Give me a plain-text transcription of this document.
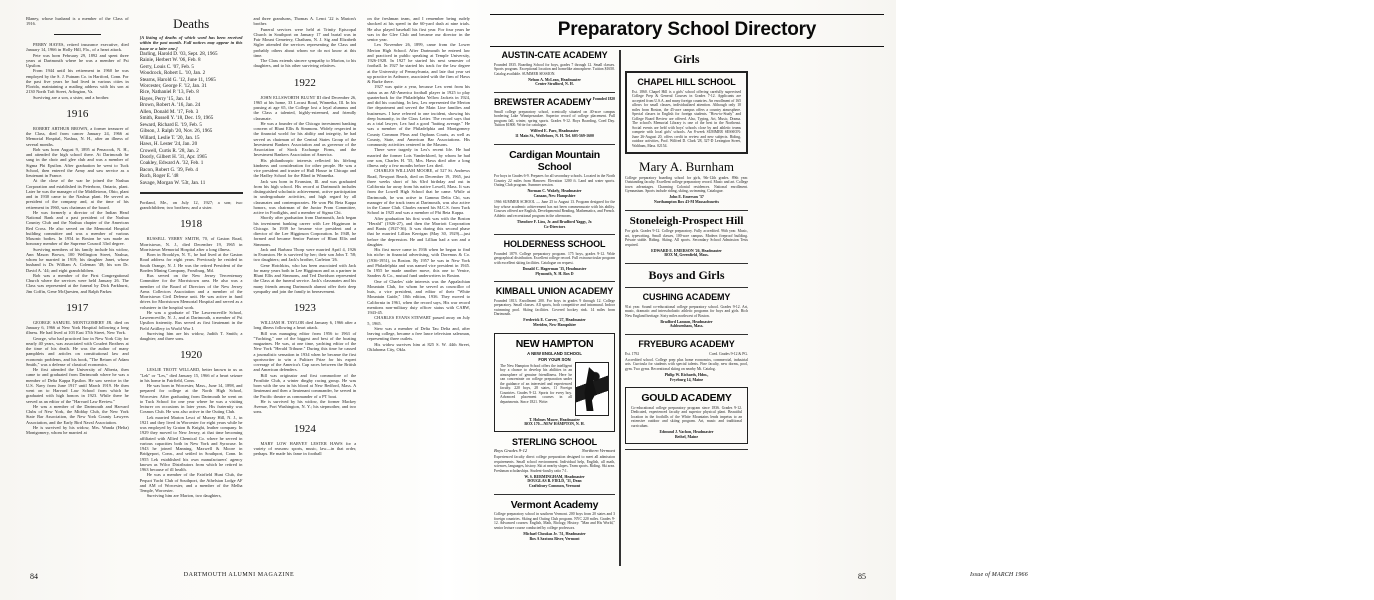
Blaney, whose husband is a member of the Class of 1916.

PERRY HAYES, retired insurance executive, died January 14, 1966 in Holly Hill, Fla., of a heart attack.

Pete was born February 29, 1892 and spent three years at Dartmouth where he was a member of Psi Upsilon.

From 1944 until his retirement in 1960 he was employed by the S. J. Putnam Co. in Hartford, Conn. For the past five years he had lived in various cities in Florida, maintaining a mailing address with his son at 2130 North Taft Street, Arlington, Va.

Surviving are a son, a sister, and a brother.

1916

ROBERT ARTHUR BROWN, a former treasurer of the Class, died from cancer January 24, 1966 at Memorial Hospital, Nashua, N. H., after an illness of several months.

Bob was born August 9, 1895 at Penacook, N. H., and attended the high school there. At Dartmouth he sang in the choir and glee club and was a member of Sigma Phi Epsilon. After graduation he went to Tuck School, then entered the Army and saw service as a lieutenant in France.

At the close of the war he joined the Nashua Corporation and established its Peterboro, Ontario, plant. Later he was the manager of the Middletown, Ohio, plant and in 1930 came to the Nashua plant. He served as president of the company and, at the time of his retirement in 1960, was chairman of the board.

He was formerly a director of the Indian Head National Bank and a past president of the Nashua Country Club and the Nashua chapter of the American Red Cross. He also served on the Memorial Hospital building committee and was a member of various Masonic bodies. In 1954 in Boston he was made an honorary member of the Supreme Council 33rd degree.

Surviving members of his family include his widow, Ann Mason Brown, 100 Wellington Street, Nashua, whom he married in 1919; his daughter Janet, whose husband is Dr. William A. Coleman '48; his son Dr. David A. '44; and eight grandchildren.

Bob was a member of the First Congregational Church where the services were held January 26. The Class was represented at the funeral by Dick Parkhurst, Jim Coffin, Gene McQuesten, and Ralph Parker.

1917

GEORGE SAMUEL MONTGOMERY JR. died on January 6, 1966 at New York Hospital following a long illness. He had lived at 103 East 37th Street, New York.

George, who had practiced law in New York City for nearly 40 years, was associated with Coudert Brothers at the time of his death. He was the author of many pamphlets and articles on constitutional law and economic problems, and his book, "The Return of Adam Smith," was a defense of classical economics.

He first attended the University of Alberta, then came to and graduated from Dartmouth where he was a member of Delta Kappa Epsilon. He saw service in the U.S. Navy from June 1917 until March 1919. He then went on to Harvard Law School from which he graduated with high honors in 1923. While there he served as an editor of the "Harvard Law Review."

He was a member of the Dartmouth and Harvard Clubs of New York, the Midday Club, the New York State Bar Association, the New York County Lawyers Association, and the Early Bird Naval Association.

He is survived by his widow, Mrs. Wanda (Helta) Montgomery, whom he married at

Deaths

[A listing of deaths of which word has been received within the past month. Full notices may appear in this issue or a later one.]

Darling, Harold D. '03, Sept. 28, 1965
Rainie, Herbert W. '06, Feb. 8
Gerry, Louis C. '07, Feb. 5
Woodcock, Robert L. '10, Jan. 2
Stearns, Harold G. '12, June 11, 1965
Worcester, George F. '12, Jan. 31
Rice, Nathaniel P. '13, Feb. 8
Hayes, Perry '15, Jan. 14
Brown, Robert A. '16, Jan. 24
Allen, Donald M. '17, Feb. 3
Smith, Russell Y. '18, Dec. 19, 1965
Seward, Richard E. '19, Feb. 5
Gibson, J. Ralph '20, Nov. 26, 1965
Willard, Leslie T. '20, Jan. 15
Haws, H. Lester '24, Jan. 20
Crowell, Curtis R. '28, Jan. 2
Doorly, Gilbert H. '31, Apr. 1965
Coakley, Edward A. '32, Feb. 1
Bacon, Robert G. '39, Feb. 4
Ruch, Roger E. '48
Savage, Morgan W. '53t, Jan. 11

Portland, Me., on July 12, 1927; a son; two grandchildren; two brothers; and a sister.

1918

RUSSELL YERRY SMITH, 70, of Gaston Road, Morristown, N. J., died December 19, 1965 in Morristown Memorial Hospital after a long illness.

Born in Brooklyn, N. Y., he had lived at the Gaston Road address for eight years. Previously he resided in South Orange, N. J. He was the retired President of the Borden Mining Company, Frostburg, Md.

Rus served on the New Jersey Tercentenary Committee for the Morristown area. He also was a member of the Board of Directors of the New Jersey Arms Collectors Association and a member of the Morristown Civil Defense unit. He was active in fund drives for Morristown Memorial Hospital and served as a volunteer in the hospital work.

He was a graduate of The Lawrenceville School, Lawrenceville, N. J., and at Dartmouth, a member of Psi Upsilon fraternity. Rus served as first lieutenant in the Field Artillery in World War I.

Surviving him are his widow, Judith T. Smith; a daughter; and three sons.

1920

LESLIE TROTT WILLARD, better known to us as "Lek" or "Les," died January 15, 1966 of a heart seizure in his home in Fairfield, Conn.

He was born in Worcester, Mass., June 14, 1898, and prepared for college at the North High School, Worcester. After graduating from Dartmouth he went on to Tuck School for one year where he was a visiting lecturer on occasions in later years. His fraternity was Cosmos Club. He was also active in the Outing Club.

Lek married Marion Lesci of Murray Hill, N. J., in 1921 and they lived in Worcester for eight years while he was employed by Graton & Knight, leather company. In 1929 they moved to New Jersey, at that time becoming affiliated with Allied Chemical Co. where he served in various capacities both in New York and Syracuse. In 1943 he joined Manning, Maxwell & Moore in Bridgeport, Conn., and settled in Southport, Conn. In 1955 Lek established his own manufacturers' agency known as Wilco Distributors from which he retired in 1963 because of ill health.

He was a member of the Fairfield Hunt Club, the Pequot Yacht Club of Southport, the Athelstan Lodge AF and AM of Worcester, and a member of the Melha Temple, Worcester.

Surviving him are Marion, two daughters,

and three grandsons, Thomas A. Lenci '22 is Marion's brother.

Funeral services were held at Trinity Episcopal Church in Southport on January 17 and burial was in Fair Mount Cemetery, Chatham, N. J. Sig and Elizabeth Sigler attended the services representing the Class and probably others about whom we do not know at this time.

The Class extends sincere sympathy to Marion, to his daughters, and to his other surviving relatives.

1922

JOHN ELLSWORTH BLUNT III died December 26, 1965 at his home, 33 Locust Road, Winnetka, Ill. In his passing at age 65, the College lost a loyal alumnus and the Class a talented, highly-esteemed, and friendly classmate.

He was a founder of the Chicago investment banking concern of Blunt Ellis & Simmons. Widely respected in the financial world for his ability and integrity, he had served as chairman of the Central States Group of the Investment Bankers Association and as governor of the Association of Stock Exchange Firms, and the Investment Bankers Association of America.

His philanthropic interests reflected his lifelong kindness and consideration for other people. He was a vice president and trustee of Hull House in Chicago and the Hadley School for the Blind in Winnetka.

Jack was born in Evanston, Ill. and was graduated from his high school. His record at Dartmouth includes distinguished scholastic achievement, active participation in undergraduate activities, and high regard by all classmates and contemporaries. He won Phi Beta Kappa honors, was chairman of the Junior Prom Committee, active in Footlights, and a member of Sigma Chi.

Shortly after graduation from Dartmouth, Jack began his investment banking career with Lee Higginson in Chicago. In 1939 he became vice president and a director of the Lee Higginson Corporation. In 1948, he formed and became Senior Partner of Blunt Ellis and Simmons.

Jack and Barbara Thorp were married April 4, 1926 in Evanston. He is survived by her; their son John T. '58; two daughters; and Jack's brother, Carleton '26.

Gene Hotchkiss, who has been associated with Jack for many years both in Lee Higginson and as a partner in Blunt Ellis and Simmons, and Ted Davidson represented the Class at the funeral service. Jack's classmates and his many friends among Dartmouth alumni offer their deep sympathy and join the family in bereavement.

1923

WILLIAM H. TAYLOR died January 6, 1966 after a long illness following a heart attack.

Bill was managing editor from 1956 to 1963 of "Yachting," one of the biggest and best of the boating magazines. He was, at one time, yachting editor of the New York "Herald Tribune." During this time he caused a journalistic sensation in 1934 when he became the first sportswriter to win a Pulitzer Prize for his expert coverage of the America's Cup races between the British and American defenders.

Bill was originator and first commodore of the Frostbite Club, a winter dinghy racing group. He was born with the sea in his blood at New Bedford, Mass. A lieutenant and then a lieutenant commander, he served in the Pacific theatre as commander of a PT boat.

He is survived by his widow, the former Mackey Avenue, Port Washington, N. Y.; his stepmother, and two sons.

1924

MARY LOW HARVEY LESTER HAWS for a variety of reasons: sports, music, law—in that order, perhaps. He made his fame in football

on the freshman team, and I remember being rudely shocked at his speed in the 60-yard dash at nine trials. He also played baseball his first year. For four years he was in the Glee Club and became our director in the senior year.

Lex November 26, 1899, came from the Lower Merion High School. After Dartmouth he entered law and practiced in public speaking at Temple University, 1926-1928. In 1927 he started his next semester of football. In 1927 he started his track for the law degree at the University of Pennsylvania, and late that year set up practice in Ardmore, associated with the firm of Haws & Burke there.

1927 was quite a year, because Lex went from his status as an All-America football player in 1925 to play quarterback for the Philadelphia Yellow Jackets in 1924, and did his coaching. In law, Lex represented the Merion fire department and served the Main Line families and businesses. I have referred to one incident, showing his deep humanity, in the Class Letter. The record says that as a trial lawyer, Lex had a good "batting average." He was a member of the Philadelphia and Montgomery County Common Pleas and Orphans Courts, as well as County, State, and American Bar Associations. His community activities centered in the Masons.

There were tragedy in Lex's recent life. He had married the former Lois Vanderkloed, by whom he had one son, Charles H. '55, Mrs. Haws died after a long illness only a few months before Lex died.

CHARLES WILLIAM MOORE, of 527 St. Andrews Road, Newport Beach, died on December 19, 1965, just three weeks short of his 63rd birthday and out in California far away from his native Lowell, Mass. It was from the Lowell High School that he came. While at Dartmouth, he was active in Gamma Delta Chi, was manager of the track team at Dartmouth, was also active in the Canoe Club. Charles earned his M.C.S. from Tuck School in 1925 and was a member of Phi Beta Kappa.

After graduation his first work was with the Boston "Herald" (1926-27), and then the Marriott Corporation and Bantu (1927-36). It was during this second phase that he married Lillian Kerrigan (May 30, 1929)—just before the depression. He and Lillian had a son and a daughter.

His first move came in 1936 when he began to find his niche: in financial advertising, with Doremus & Co. (1936-1951), in Boston. By 1957 he was in New York and Philadelphia and was named vice president in 1945. In 1955 he made another move, this one to Venice, Sanders & Co., mutual fund underwriters in Boston.

One of Charles' side interests was the Appalachian Mountain Club, for whom he served as councillor of huts, a vice president, and editor of their "White Mountain Guide," 10th edition, 1936. They moved to California in 1961, when the record says, His war record mentions non-military duty officer status with CARW, 1943-45.

CHARLES EVANS STEWART passed away on July 5, 1965.

Stew was a member of Delta Tau Delta and, after leaving college, became a free lance television salesman, representing three outlets.

His widow survives him at 825 S. W. 44th Street, Oklahoma City, Okla.

84	DARTMOUTH ALUMNI MAGAZINE
Preparatory School Directory
AUSTIN-CATE ACADEMY

Founded 1835. Boarding School for boys, grades 7 through 12. Small classes. Sports program. Exceptional location and homelike atmosphere. Tuition $1650. Catalog available. SUMMER SESSION.

Nelson A. McLean, Headmaster
Center Strafford, N. H.

Founded 1820
BREWSTER ACADEMY

Small college preparatory school, scenically situated on 40-acre campus bordering Lake Winnipesaukee. Superior record of college placement. Full program fall, winter, spring sports. Grades 9-12. Boys Boarding, Coed Day. Tuition $1800. Write for catalogue.

Wilfred E. Paro, Headmaster
11 Main St., Wolfeboro, N. H. Tel. 603-569-1600

Cardigan Mountain School

For boys in Grades 6-9. Prepares for all secondary schools. Located in the North Country 22 miles from Hanover. Elevation 1200 ft. Land and water sports. Outing Club program. Summer session.

Norman C. Wakely, Headmaster
Canaan, New Hampshire

1966 SUMMER SCHOOL — June 25 to August 13. Program designed for the boy whose academic achievement has not been commensurate with his ability. Courses offered are English, Developmental Reading, Mathematics, and French. Athletic and recreational program in the afternoons.

Theodore F. Lins, Jr. and Bradford Yaggy, Jr.
Co-Directors

HOLDERNESS SCHOOL

Founded 1879. College preparatory program. 175 boys, grades 9-12. Wide geographical distribution. Excellent college record. Full extracurricular program with excellent skiing facilities. Catalogue on request.

Donald C. Hagerman '35, Headmaster
Plymouth, N. H. Box D

KIMBALL UNION ACADEMY

Founded 1813. Enrollment 200. For boys in grades 9 through 12. College preparatory. Small classes. All sports, both competitive and intramural. Indoor swimming pool. Skiing facilities. Covered hockey rink. 14 miles from Dartmouth.

Frederick E. Carver, '27, Headmaster
Meriden, New Hampshire

NEW HAMPTON
A NEW ENGLAND SCHOOL
FOR YOUR SON

The New Hampton School offers the intelligent boy a chance to develop his abilities in an atmosphere of genuine friendliness. Here he can concentrate on college preparation under the guidance of an interested and experienced faculty. 220 boys, 28 states, 11 Foreign Countries. Grades 9-12. Sports for every boy. Advanced placement courses in all departments. Since 1821. Write:

T. Holmes Moore, Headmaster
BOX 170—NEW HAMPTON, N. H.

STERLING SCHOOL
Boys Grades 9-12	Northern Vermont

Experienced faculty direct college preparation designed to meet all admission requirements. Small school environment. Individual help, English, all math, sciences, languages, history. Ski at nearby slopes. Team sports. Riding. Ski area. Freshman scholarships. Student-faculty ratio 7:1.

W. S. BERMINGHAM, Headmaster
DOUGLAS B. FIELD, '31, Dean
Craftsbury Common, Vermont

Vermont Academy

College preparatory school in southern Vermont. 200 boys from 20 states and 3 foreign countries. Skiing and Outing Club program. NYC 220 miles. Grades 9-12. Advanced courses: English, Math, Biology, History. "Man and His World," senior lecture course conducted by college professors.

Michael Choukas Jr. '51, Headmaster
Box A Saxtons River, Vermont

Girls
CHAPEL HILL SCHOOL

Est. 1860. Chapel Hill is a girls' school offering carefully supervised College Prep & General Courses in Grades 7-12. Applicants are accepted from U.S.A. and many foreign countries. An enrollment of 165 allows for small classes, individualized attention. Although only 10 miles from Boston, the 45-acre campus offers a country atmosphere. Special classes in English for foreign students. "How-to-Study" and College Board Review are offered. Also, Typing, Art, Music, Drama. The school's Memorial Library is one of the best in the Northeast. Social events are held with boys' schools close by and athletic teams compete with local girls' schools. An 8-week SUMMER SESSION: June 26-August 20, offers credit in review and new subjects. Riding, outdoor activities, Pool. Wilfred D. Clark '28, 327-D Lexington Street, Waltham, Mass. 02154.

Mary A. Burnham

College preparatory boarding school for girls, 9th-12th grades. 89th year. Outstanding faculty. Excellent college preparatory record. Music and art. College town advantages. Charming Colonial residences. National enrollment. Gymnasium. Sports include riding, skiing, swimming. Catalogue.

John E. Emerson '37
Northampton Box 43-M Massachusetts

Stoneleigh-Prospect Hill

For girls. Grades 9-12. College preparatory. Fully accredited. 96th year. Music, art, typewriting. Small classes, 100-acre campus. Modern fireproof building. Private stable. Riding. Skiing. All sports. Secondary School Admission Tests required.

EDWARD E. EMERSON '26, Headmaster
BOX M, Greenfield, Mass.

Boys and Girls
CUSHING ACADEMY

91st year. Sound co-educational college preparatory school. Grades 9-12. Art, music, dramatic and interscholastic athletic programs for boys and girls. Rich New England heritage. Sixty miles northwest of Boston.

Bradford Lamson, Headmaster
Ashburnham, Mass.

FRYEBURG ACADEMY
Est. 1792	Coed. Grades 9-12 & PG.

Accredited school. College prep plus home economics, commercial, industrial arts. Curricula for students with special talents. Fine faculty, new dorms, pool, gym. Two gyms. Recreational skiing on nearby Mt. Catalog.

Philip W. Richards, Hdm.,
Fryeburg 14, Maine

GOULD ACADEMY

Co-educational college preparatory program since 1836. Grades 9-12. Dedicated, experienced faculty and superior physical plant. Beautiful location in the foothills of the White Mountains lends impetus to an extensive outdoor and skiing program. Art, music and traditional curriculum.

Edmund J. Vachon, Headmaster
Bethel, Maine

Issue of MARCH 1966
85
